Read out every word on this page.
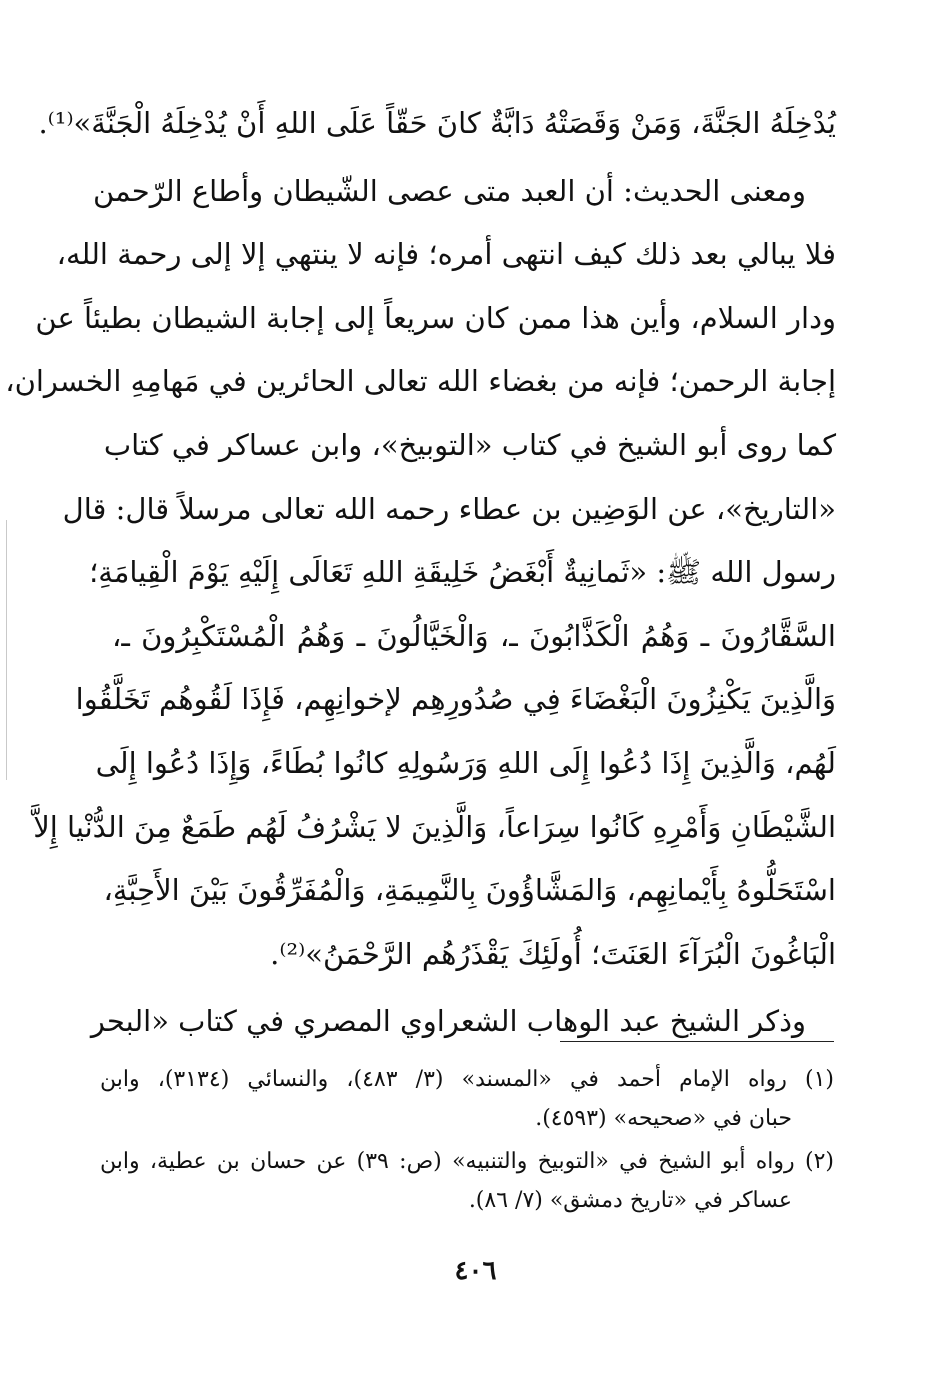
يُدْخِلَهُ الجَنَّةَ، وَمَنْ وَقَصَتْهُ دَابَّةٌ كانَ حَقّاً عَلَى اللهِ أَنْ يُدْخِلَهُ الْجَنَّةَ»⁽¹⁾.
ومعنى الحديث: أن العبد متى عصى الشّيطان وأطاع الرّحمن
فلا يبالي بعد ذلك كيف انتهى أمره؛ فإنه لا ينتهي إلا إلى رحمة الله،
ودار السلام، وأين هذا ممن كان سريعاً إلى إجابة الشيطان بطيئاً عن
إجابة الرحمن؛ فإنه من بغضاء الله تعالى الحائرين في مَهامِهِ الخسران،
كما روى أبو الشيخ في كتاب «التوبيخ»، وابن عساكر في كتاب
«التاريخ»، عن الوَضِين بن عطاء رحمه الله تعالى مرسلاً قال: قال
رسول الله ﷺ: «ثَمانِيةٌ أَبْغَضُ خَلِيقَةِ اللهِ تَعَالَى إِلَيْهِ يَوْمَ الْقِيامَةِ؛
السَّقَّارُونَ ـ وَهُمُ الْكَذَّابُونَ ـ، وَالْخَيَّالُونَ ـ وَهُمُ الْمُسْتَكْبِرُونَ ـ،
وَالَّذِينَ يَكْنِزُونَ الْبَغْضَاءَ فِي صُدُورِهِم لإخوانِهِم، فَإِذَا لَقُوهُم تَخَلَّقُوا
لَهُم، وَالَّذِينَ إِذَا دُعُوا إِلَى اللهِ وَرَسُولِهِ كانُوا بُطَاءً، وَإِذَا دُعُوا إِلَى
الشَّيْطَانِ وَأَمْرِهِ كَانُوا سِرَاعاً، وَالَّذِينَ لا يَشْرُفُ لَهُم طَمَعٌ مِنَ الدُّنْيا إِلاَّ
اسْتَحَلُّوهُ بِأَيْمانِهِم، وَالمَشَّاؤُونَ بِالنَّمِيمَةِ، وَالْمُفَرِّقُونَ بَيْنَ الأَحِبَّةِ،
الْبَاغُونَ الْبُرَآءَ العَنَتَ؛ أُولَئِكَ يَقْذَرُهُم الرَّحْمَنُ»⁽²⁾.
وذكر الشيخ عبد الوهاب الشعراوي المصري في كتاب «البحر
(١) رواه الإمام أحمد في «المسند» (٣/ ٤٨٣)، والنسائي (٣١٣٤)، وابن
حبان في «صحيحه» (٤٥٩٣).
(٢) رواه أبو الشيخ في «التوبيخ والتنبيه» (ص: ٣٩) عن حسان بن عطية، وابن
عساكر في «تاريخ دمشق» (٧/ ٨٦).
٤٠٦
